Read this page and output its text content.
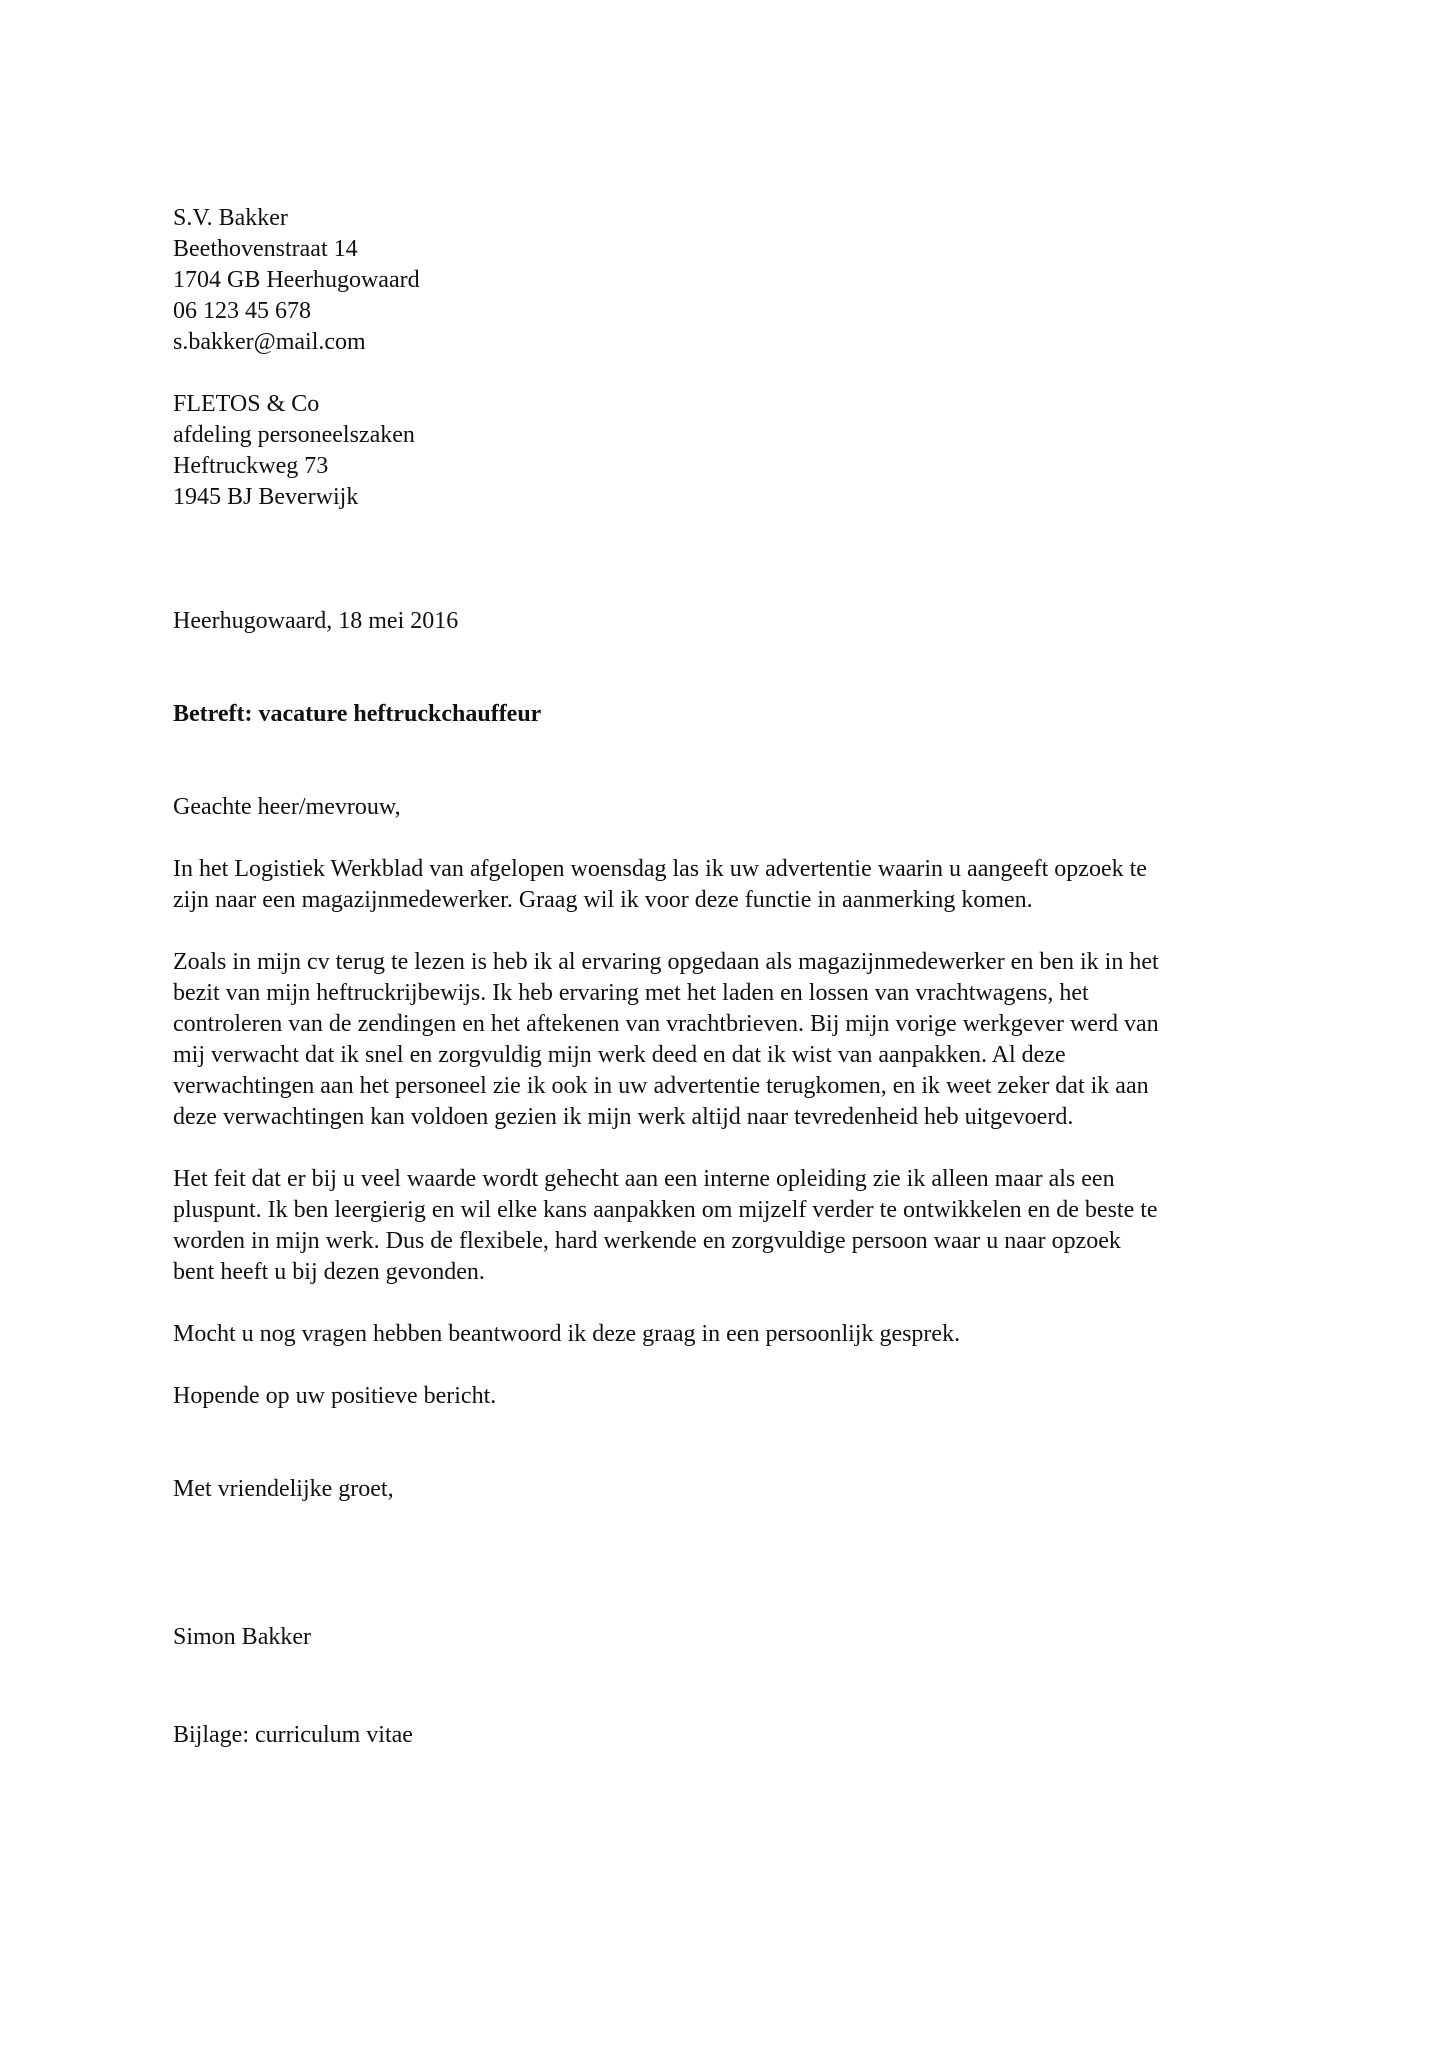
S.V. Bakker
Beethovenstraat 14
1704 GB Heerhugowaard
06 123 45 678
s.bakker@mail.com
FLETOS & Co
afdeling personeelszaken
Heftruckweg 73
1945 BJ Beverwijk
Heerhugowaard, 18 mei 2016
Betreft: vacature heftruckchauffeur
Geachte heer/mevrouw,
In het Logistiek Werkblad van afgelopen woensdag las ik uw advertentie waarin u aangeeft opzoek te
zijn naar een magazijnmedewerker. Graag wil ik voor deze functie in aanmerking komen.
Zoals in mijn cv terug te lezen is heb ik al ervaring opgedaan als magazijnmedewerker en ben ik in het
bezit van mijn heftruckrijbewijs. Ik heb ervaring met het laden en lossen van vrachtwagens, het
controleren van de zendingen en het aftekenen van vrachtbrieven. Bij mijn vorige werkgever werd van
mij verwacht dat ik snel en zorgvuldig mijn werk deed en dat ik wist van aanpakken. Al deze
verwachtingen aan het personeel zie ik ook in uw advertentie terugkomen, en ik weet zeker dat ik aan
deze verwachtingen kan voldoen gezien ik mijn werk altijd naar tevredenheid heb uitgevoerd.
Het feit dat er bij u veel waarde wordt gehecht aan een interne opleiding zie ik alleen maar als een
pluspunt. Ik ben leergierig en wil elke kans aanpakken om mijzelf verder te ontwikkelen en de beste te
worden in mijn werk. Dus de flexibele, hard werkende en zorgvuldige persoon waar u naar opzoek
bent heeft u bij dezen gevonden.
Mocht u nog vragen hebben beantwoord ik deze graag in een persoonlijk gesprek.
Hopende op uw positieve bericht.
Met vriendelijke groet,
Simon Bakker
Bijlage: curriculum vitae
